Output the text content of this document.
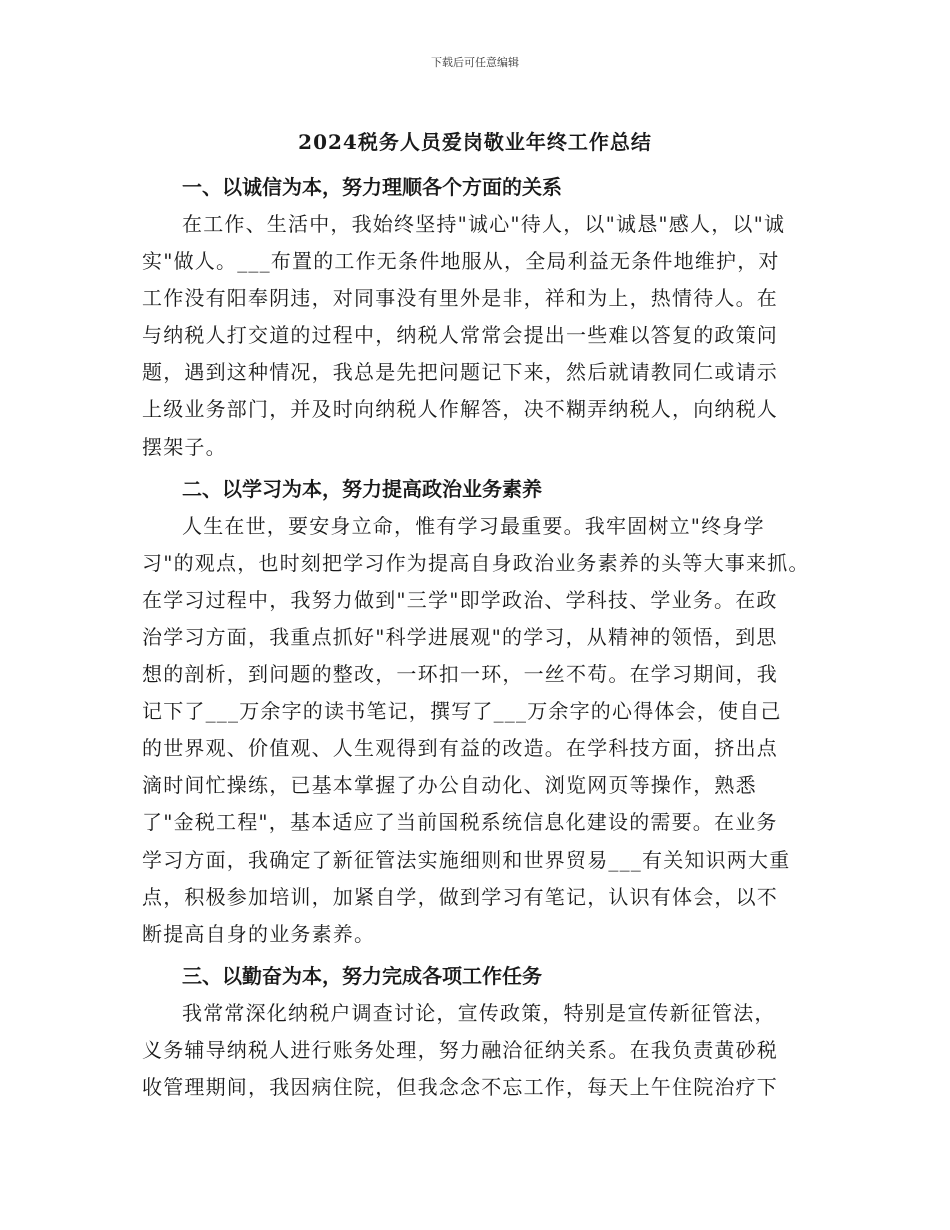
下载后可任意编辑
2024税务人员爱岗敬业年终工作总结

一、以诚信为本，努力理顺各个方面的关系

在工作、生活中，我始终坚持"诚心"待人，以"诚恳"感人，以"诚
实"做人。___布置的工作无条件地服从，全局利益无条件地维护，对
工作没有阳奉阴违，对同事没有里外是非，祥和为上，热情待人。在
与纳税人打交道的过程中，纳税人常常会提出一些难以答复的政策问
题，遇到这种情况，我总是先把问题记下来，然后就请教同仁或请示
上级业务部门，并及时向纳税人作解答，决不糊弄纳税人，向纳税人
摆架子。

二、以学习为本，努力提高政治业务素养

人生在世，要安身立命，惟有学习最重要。我牢固树立"终身学
习"的观点，也时刻把学习作为提高自身政治业务素养的头等大事来抓。
在学习过程中，我努力做到"三学"即学政治、学科技、学业务。在政
治学习方面，我重点抓好"科学进展观"的学习，从精神的领悟，到思
想的剖析，到问题的整改，一环扣一环，一丝不苟。在学习期间，我
记下了___万余字的读书笔记，撰写了___万余字的心得体会，使自己
的世界观、价值观、人生观得到有益的改造。在学科技方面，挤出点
滴时间忙操练，已基本掌握了办公自动化、浏览网页等操作，熟悉
了"金税工程"，基本适应了当前国税系统信息化建设的需要。在业务
学习方面，我确定了新征管法实施细则和世界贸易___有关知识两大重
点，积极参加培训，加紧自学，做到学习有笔记，认识有体会，以不
断提高自身的业务素养。

三、以勤奋为本，努力完成各项工作任务

我常常深化纳税户调查讨论，宣传政策，特别是宣传新征管法，
义务辅导纳税人进行账务处理，努力融洽征纳关系。在我负责黄砂税
收管理期间，我因病住院，但我念念不忘工作，每天上午住院治疗下
